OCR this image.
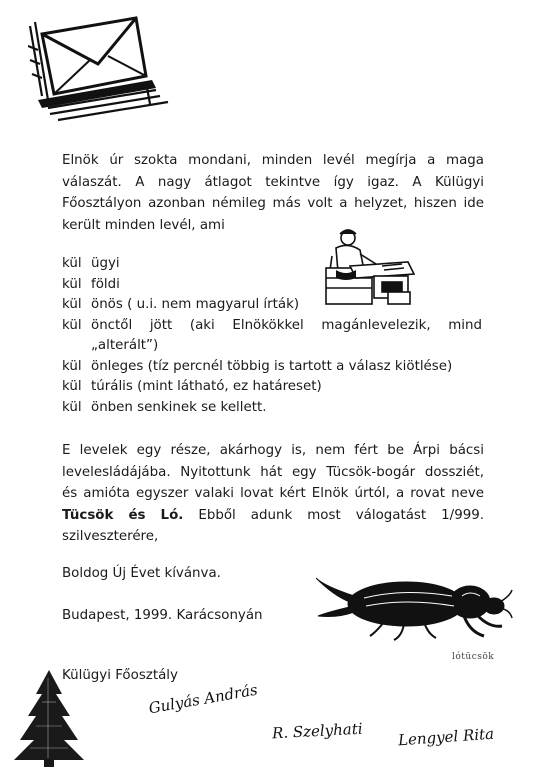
Elnök úr szokta mondani, minden levél megírja a maga
válaszát. A nagy átlagot tekintve így igaz. A Külügyi
Főosztályon azonban némileg más volt a helyzet, hiszen ide
került minden levél, ami
kül ügyi
kül földi
kül önös ( u.i. nem magyarul írták)
kül önctől jött (aki Elnökökkel magánlevelezik, mind
„alterált”)
kül önleges (tíz percnél többig is tartott a válasz kiötlése)
kül túrális (mint látható, ez határeset)
kül önben senkinek se kellett.
E levelek egy része, akárhogy is, nem fért be Árpi bácsi
levelesládájába. Nyitottunk hát egy Tücsök-bogár dossziét,
és amióta egyszer valaki lovat kért Elnök úrtól, a rovat neve
Tücsök és Ló. Ebből adunk most válogatást 1/999.
szilveszterére,
Boldog Új Évet kívánva.
Budapest, 1999. Karácsonyán
lótücsök
Külügyi Főosztály
Gulyás András
R. Szelyhati Lengyel Rita
